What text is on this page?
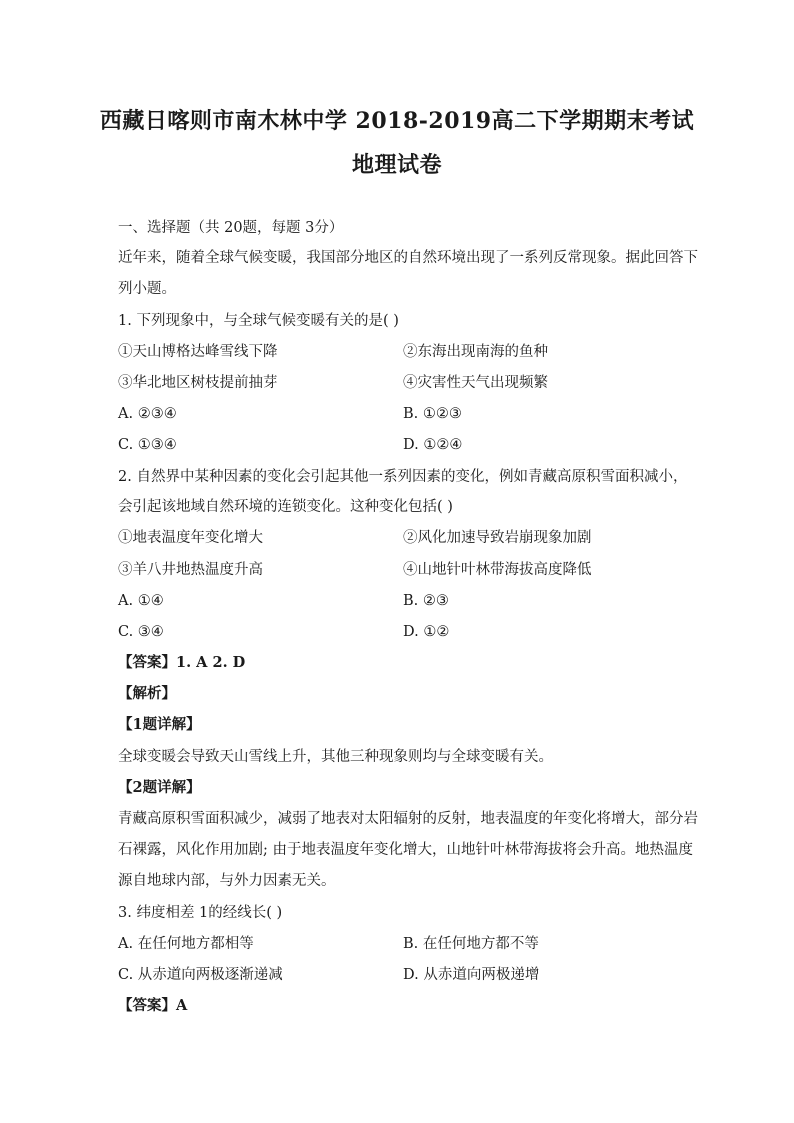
西藏日喀则市南木林中学 2018-2019高二下学期期末考试
地理试卷
一、选择题（共 20题，每题 3分）
近年来，随着全球气候变暖，我国部分地区的自然环境出现了一系列反常现象。据此回答下
列小题。
1. 下列现象中，与全球气候变暖有关的是( )
①天山博格达峰雪线下降	②东海出现南海的鱼种
③华北地区树枝提前抽芽	④灾害性天气出现频繁
A. ②③④	B. ①②③
C. ①③④	D. ①②④
2. 自然界中某种因素的变化会引起其他一系列因素的变化，例如青藏高原积雪面积减小，
会引起该地域自然环境的连锁变化。这种变化包括( )
①地表温度年变化增大	②风化加速导致岩崩现象加剧
③羊八井地热温度升高	④山地针叶林带海拔高度降低
A. ①④	B. ②③
C. ③④	D. ①②
【答案】1. A 2. D
【解析】
【1题详解】
全球变暖会导致天山雪线上升，其他三种现象则均与全球变暖有关。
【2题详解】
青藏高原积雪面积减少，减弱了地表对太阳辐射的反射，地表温度的年变化将增大，部分岩
石裸露，风化作用加剧; 由于地表温度年变化增大，山地针叶林带海拔将会升高。地热温度
源自地球内部，与外力因素无关。
3. 纬度相差 1的经线长( )
A. 在任何地方都相等	B. 在任何地方都不等
C. 从赤道向两极逐渐递减	D. 从赤道向两极递增
【答案】A
